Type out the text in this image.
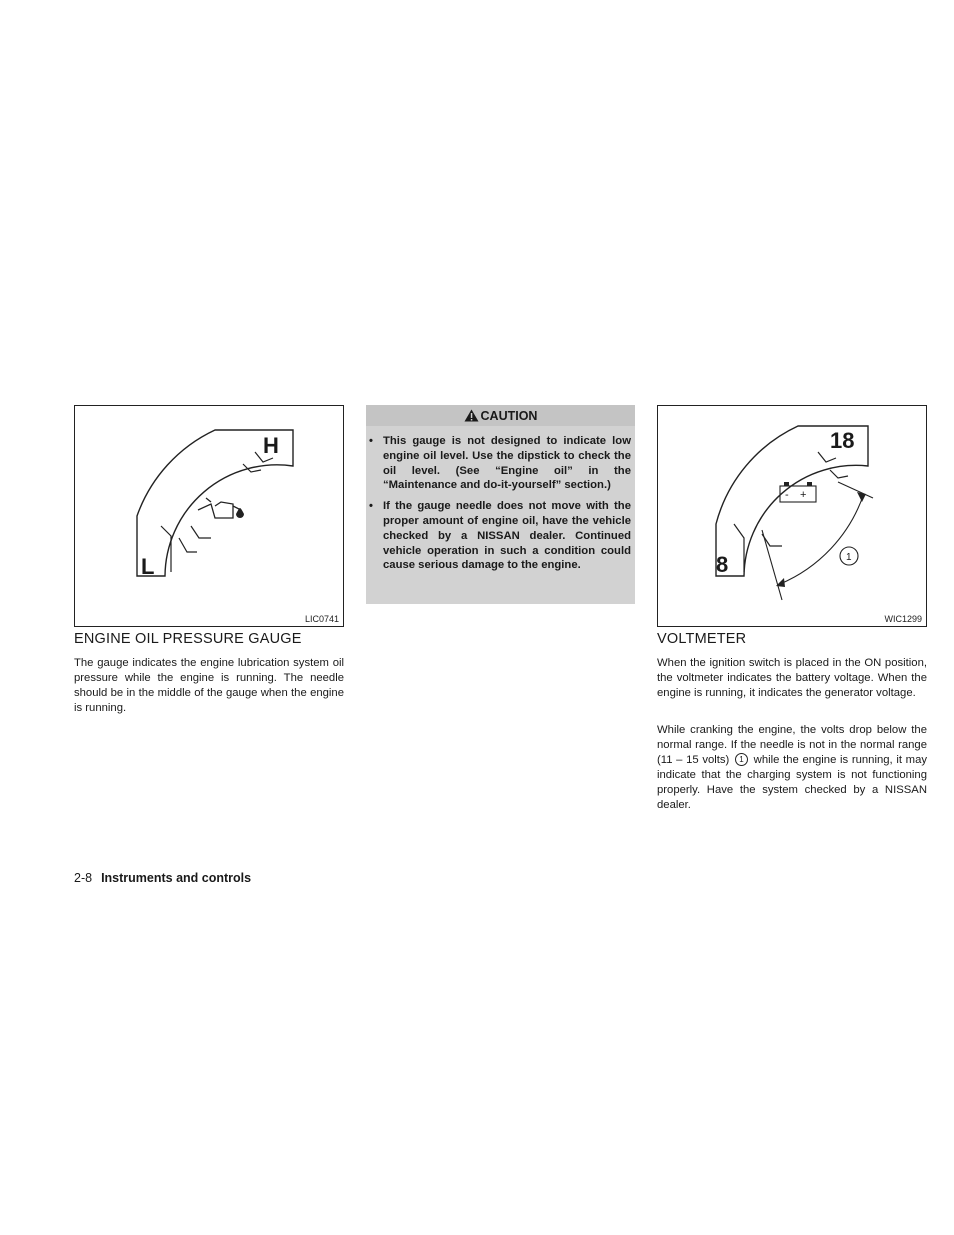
H
L
LIC0741
ENGINE OIL PRESSURE GAUGE

The gauge indicates the engine lubrication system oil pressure while the engine is running. The needle should be in the middle of the gauge when the engine is running.

CAUTION
• This gauge is not designed to indicate low engine oil level. Use the dipstick to check the oil level. (See “Engine oil” in the “Maintenance and do-it-yourself” section.)
• If the gauge needle does not move with the proper amount of engine oil, have the vehicle checked by a NISSAN dealer. Continued vehicle operation in such a condition could cause serious damage to the engine.
- +
1
18
8
WIC1299
VOLTMETER

When the ignition switch is placed in the ON position, the voltmeter indicates the battery voltage. When the engine is running, it indicates the generator voltage.

While cranking the engine, the volts drop below the normal range. If the needle is not in the normal range (11 – 15 volts) 1 while the engine is running, it may indicate that the charging system is not functioning properly. Have the system checked by a NISSAN dealer.

2-8 Instruments and controls
